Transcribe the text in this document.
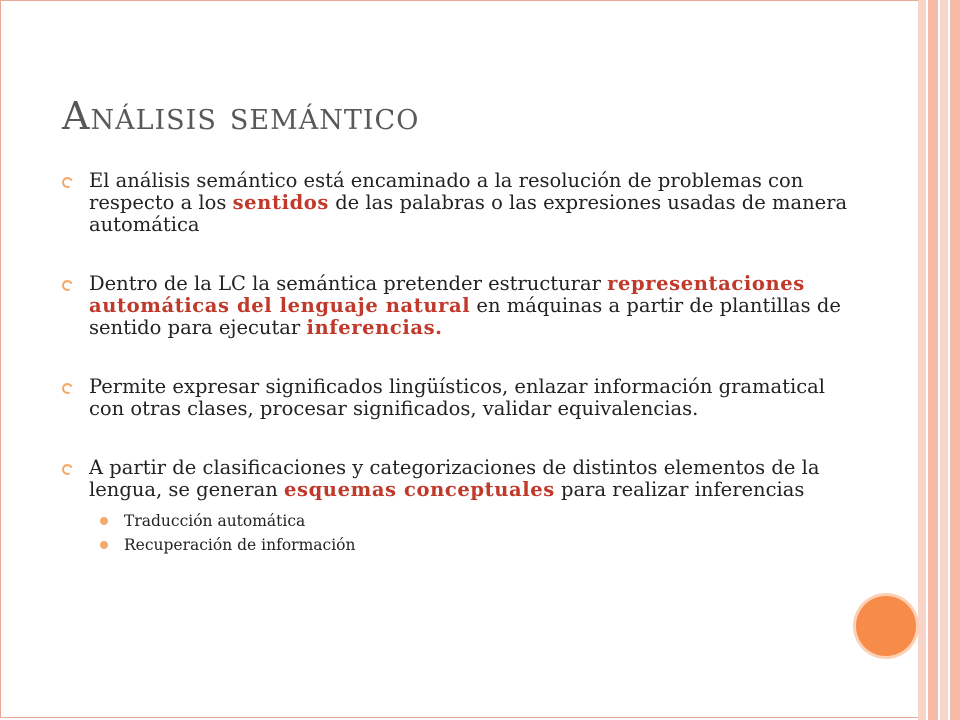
Análisis semántico
El análisis semántico está encaminado a la resolución de problemas con respecto a los sentidos de las palabras o las expresiones usadas de manera automática
Dentro de la LC la semántica pretender estructurar representaciones automáticas del lenguaje natural en máquinas a partir de plantillas de sentido para ejecutar inferencias.
Permite expresar significados lingüísticos, enlazar información gramatical con otras clases, procesar significados, validar equivalencias.
A partir de clasificaciones y categorizaciones de distintos elementos de la lengua, se generan esquemas conceptuales para realizar inferencias
Traducción automática
Recuperación de información
